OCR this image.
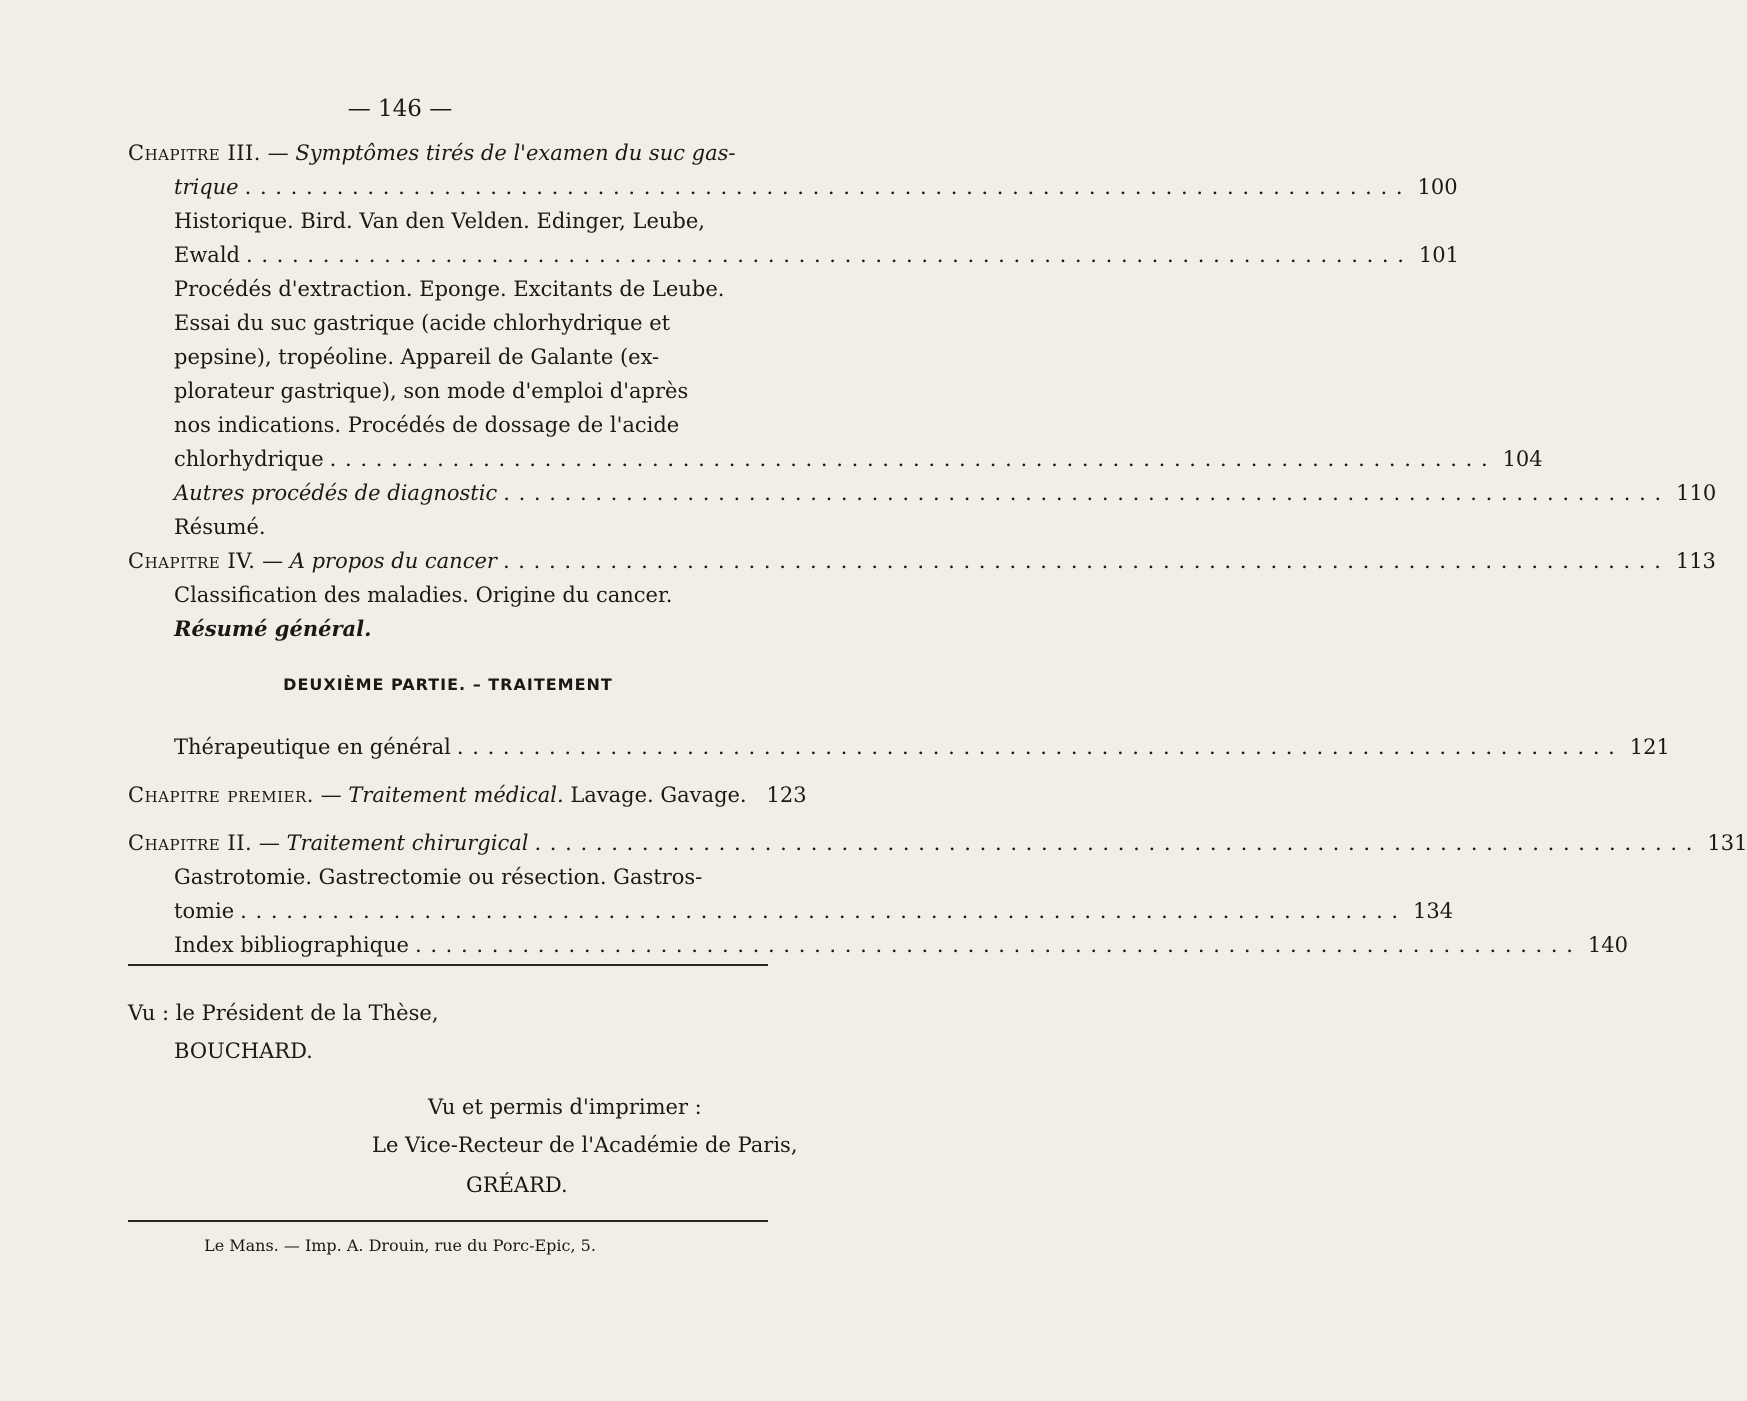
— 146 —
Chapitre III. — Symptômes tirés de l'examen du suc gas-
trique . . .	100
Historique. Bird. Van den Velden. Edinger, Leube,
Ewald . . .	101
Procédés d'extraction. Eponge. Excitants de Leube.
Essai du suc gastrique (acide chlorhydrique et
pepsine), tropéoline. Appareil de Galante (ex-
plorateur gastrique), son mode d'emploi d'après
nos indications. Procédés de dossage de l'acide
chlorhydrique . . .	104
Autres procédés de diagnostic . . .	110
Résumé.
Chapitre IV. — A propos du cancer . . .	113
Classification des maladies. Origine du cancer.
Résumé général.
DEUXIÈME PARTIE. – TRAITEMENT
Thérapeutique en général . . .	121
Chapitre premier. — Traitement médical. Lavage. Gavage. 123
Chapitre II. — Traitement chirurgical . . .	131
Gastrotomie. Gastrectomie ou résection. Gastros-
tomie . . .	134
Index bibliographique . . .	140
Vu : le Président de la Thèse,
BOUCHARD.
Vu et permis d'imprimer :
Le Vice-Recteur de l'Académie de Paris,
GRÉARD.
Le Mans. — Imp. A. Drouin, rue du Porc-Epic, 5.
